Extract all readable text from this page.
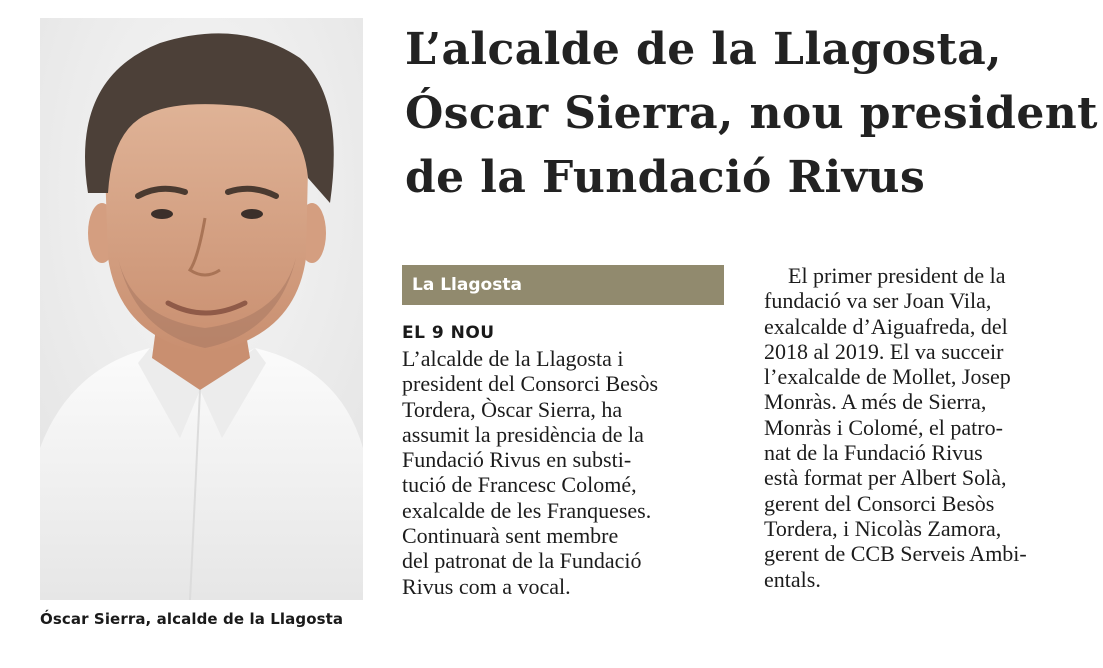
Óscar Sierra, alcalde de la Llagosta
L’alcalde de la Llagosta,
Óscar Sierra, nou president
de la Fundació Rivus
La Llagosta
EL 9 NOU
L’alcalde de la Llagosta i
president del Consorci Besòs
Tordera, Òscar Sierra, ha
assumit la presidència de la
Fundació Rivus en substi-
tució de Francesc Colomé,
exalcalde de les Franqueses.
Continuarà sent membre
del patronat de la Fundació
Rivus com a vocal.
El primer president de la
fundació va ser Joan Vila,
exalcalde d’Aiguafreda, del
2018 al 2019. El va succeir
l’exalcalde de Mollet, Josep
Monràs. A més de Sierra,
Monràs i Colomé, el patro-
nat de la Fundació Rivus
està format per Albert Solà,
gerent del Consorci Besòs
Tordera, i Nicolàs Zamora,
gerent de CCB Serveis Ambi-
entals.
